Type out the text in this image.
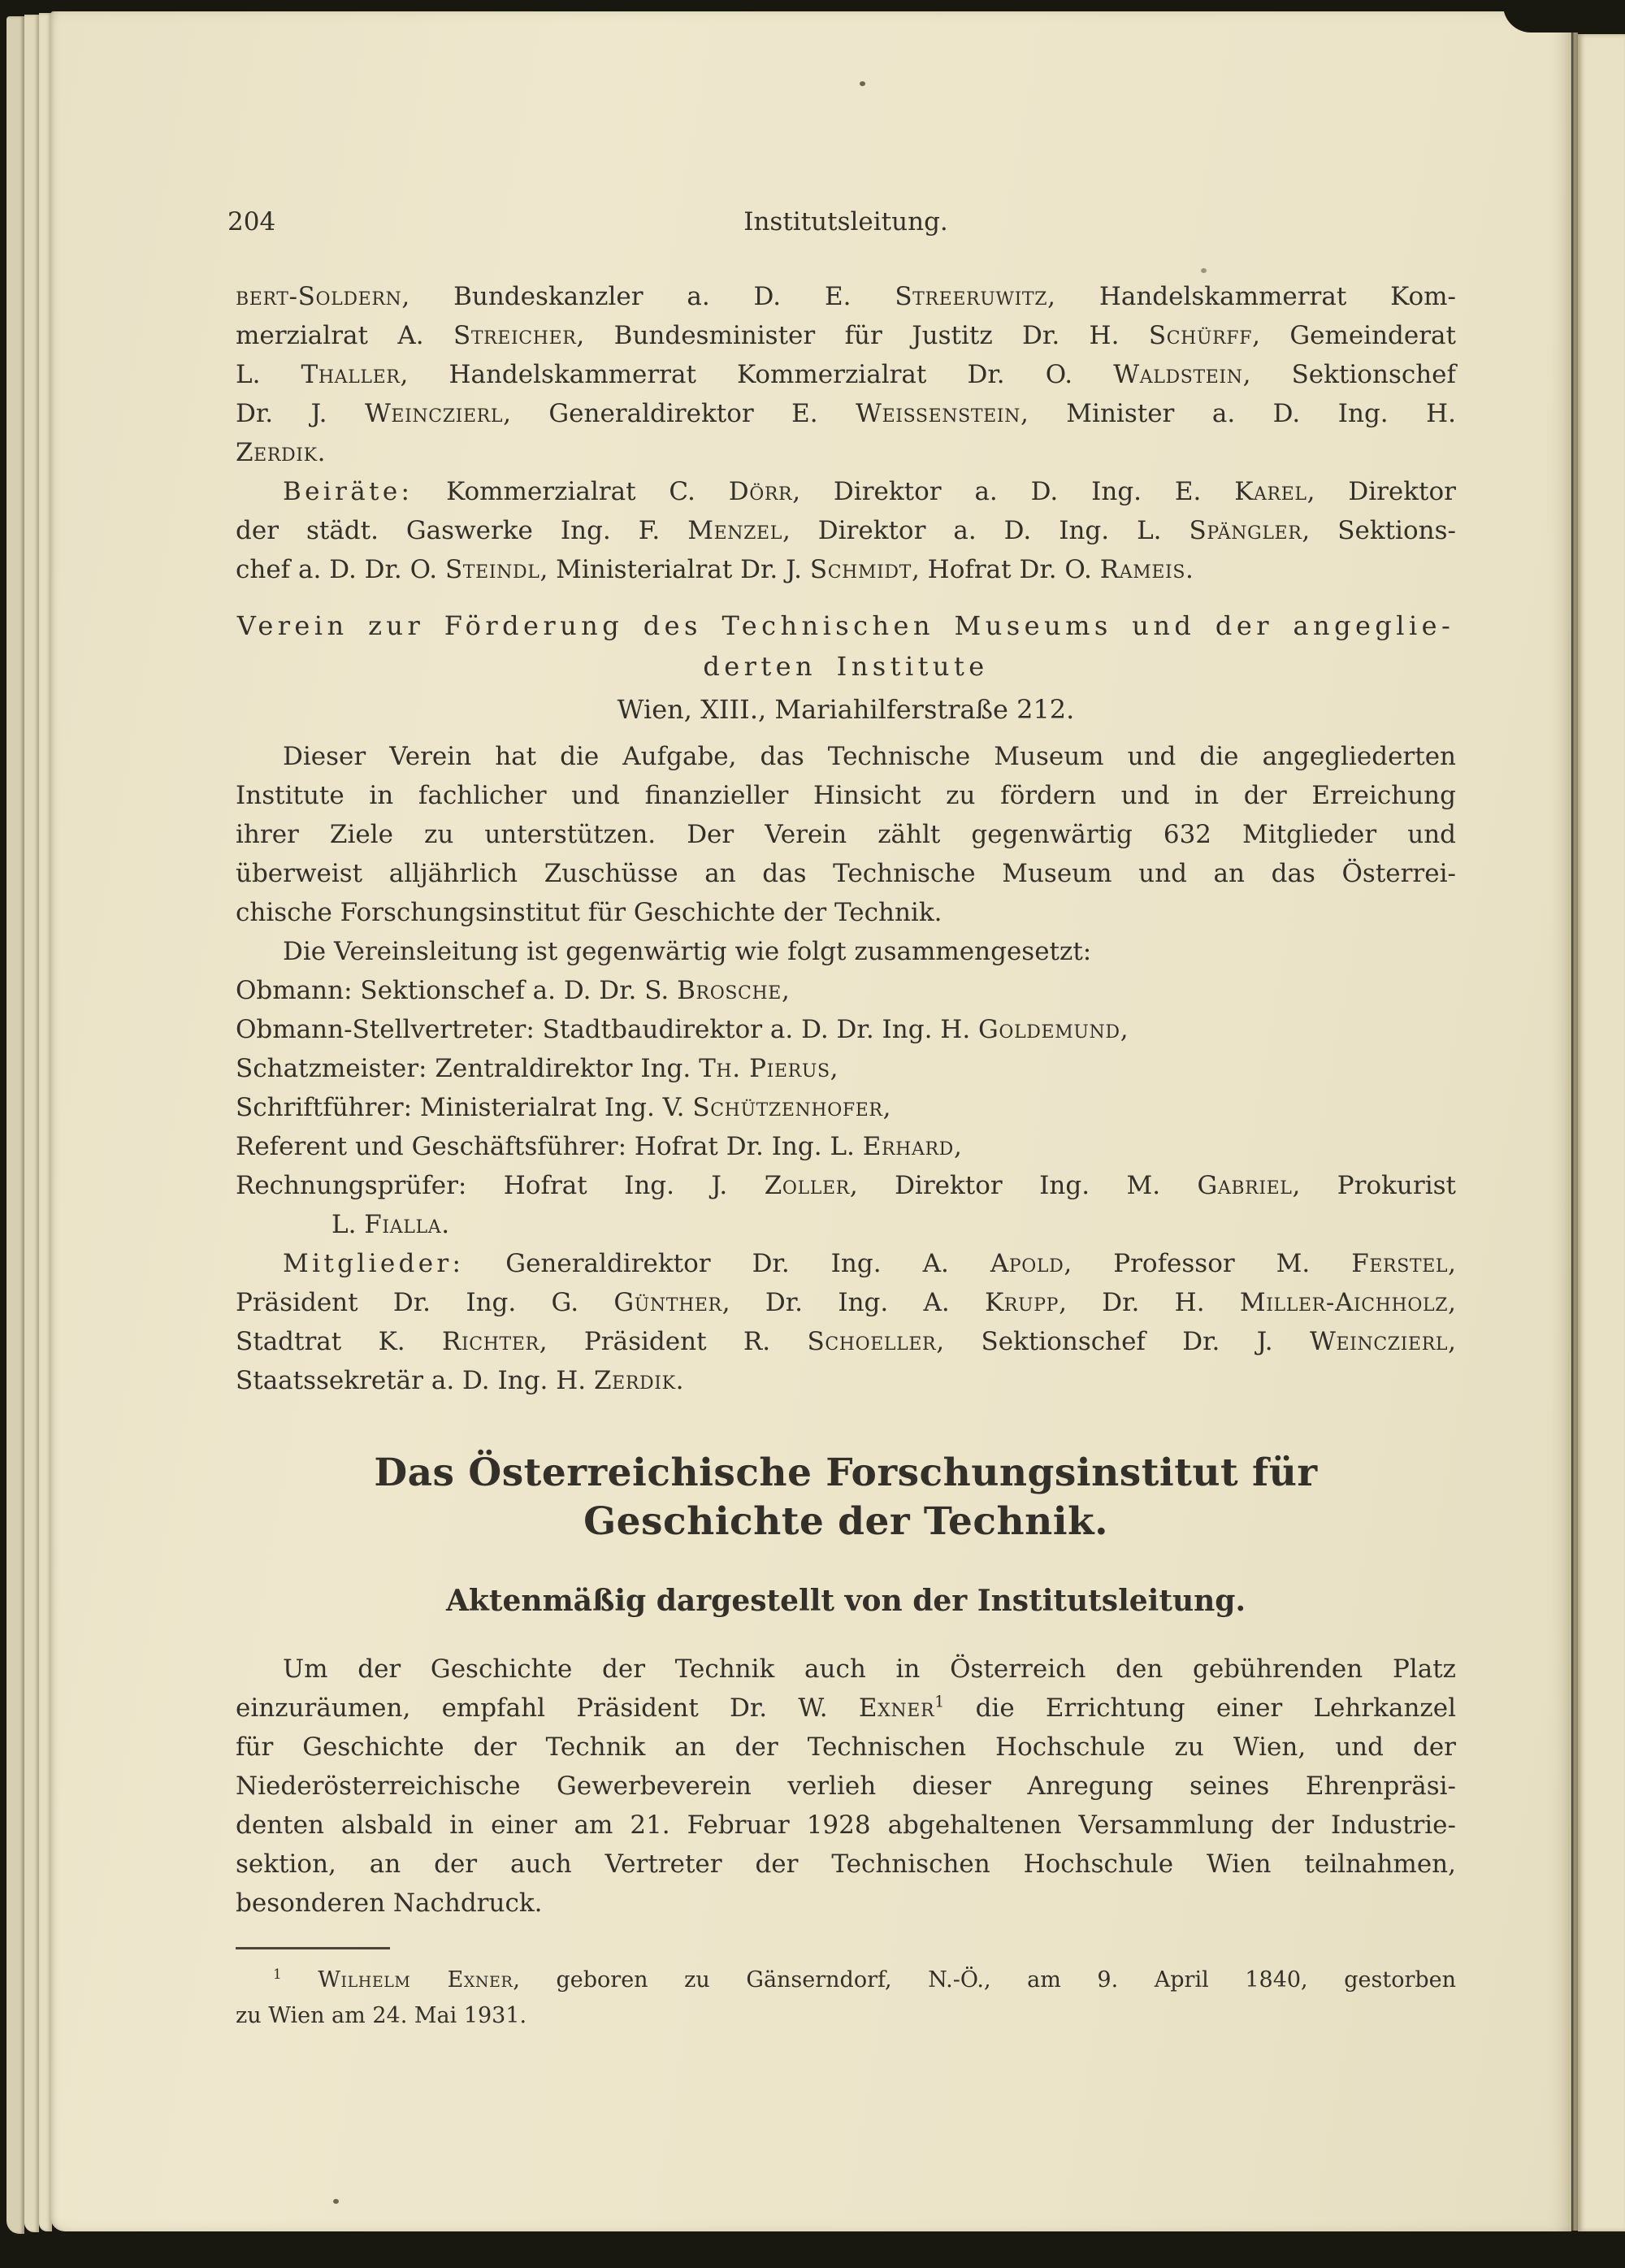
204	Institutsleitung.
bert-Soldern, Bundeskanzler a. D. E. Streeruwitz, Handelskammerrat Kom-
merzialrat A. Streicher, Bundesminister für Justitz Dr. H. Schürff, Gemeinderat
L. Thaller, Handelskammerrat Kommerzialrat Dr. O. Waldstein, Sektionschef
Dr. J. Weinczierl, Generaldirektor E. Weissenstein, Minister a. D. Ing. H.
Zerdik.
Beiräte: Kommerzialrat C. Dörr, Direktor a. D. Ing. E. Karel, Direktor
der städt. Gaswerke Ing. F. Menzel, Direktor a. D. Ing. L. Spängler, Sektions-
chef a. D. Dr. O. Steindl, Ministerialrat Dr. J. Schmidt, Hofrat Dr. O. Rameis.
Verein zur Förderung des Technischen Museums und der angeglie-
derten Institute
Wien, XIII., Mariahilferstraße 212.
Dieser Verein hat die Aufgabe, das Technische Museum und die angegliederten
Institute in fachlicher und finanzieller Hinsicht zu fördern und in der Erreichung
ihrer Ziele zu unterstützen. Der Verein zählt gegenwärtig 632 Mitglieder und
überweist alljährlich Zuschüsse an das Technische Museum und an das Österrei-
chische Forschungsinstitut für Geschichte der Technik.
Die Vereinsleitung ist gegenwärtig wie folgt zusammengesetzt:
Obmann: Sektionschef a. D. Dr. S. Brosche,
Obmann-Stellvertreter: Stadtbaudirektor a. D. Dr. Ing. H. Goldemund,
Schatzmeister: Zentraldirektor Ing. Th. Pierus,
Schriftführer: Ministerialrat Ing. V. Schützenhofer,
Referent und Geschäftsführer: Hofrat Dr. Ing. L. Erhard,
Rechnungsprüfer: Hofrat Ing. J. Zoller, Direktor Ing. M. Gabriel, Prokurist
L. Fialla.
Mitglieder: Generaldirektor Dr. Ing. A. Apold, Professor M. Ferstel,
Präsident Dr. Ing. G. Günther, Dr. Ing. A. Krupp, Dr. H. Miller-Aichholz,
Stadtrat K. Richter, Präsident R. Schoeller, Sektionschef Dr. J. Weinczierl,
Staatssekretär a. D. Ing. H. Zerdik.
Das Österreichische Forschungsinstitut für
Geschichte der Technik.
Aktenmäßig dargestellt von der Institutsleitung.
Um der Geschichte der Technik auch in Österreich den gebührenden Platz
einzuräumen, empfahl Präsident Dr. W. Exner$^1$ die Errichtung einer Lehrkanzel
für Geschichte der Technik an der Technischen Hochschule zu Wien, und der
Niederösterreichische Gewerbeverein verlieh dieser Anregung seines Ehrenpräsi-
denten alsbald in einer am 21. Februar 1928 abgehaltenen Versammlung der Industrie-
sektion, an der auch Vertreter der Technischen Hochschule Wien teilnahmen,
besonderen Nachdruck.
$^1$ Wilhelm Exner, geboren zu Gänserndorf, N.-Ö., am 9. April 1840, gestorben
zu Wien am 24. Mai 1931.
